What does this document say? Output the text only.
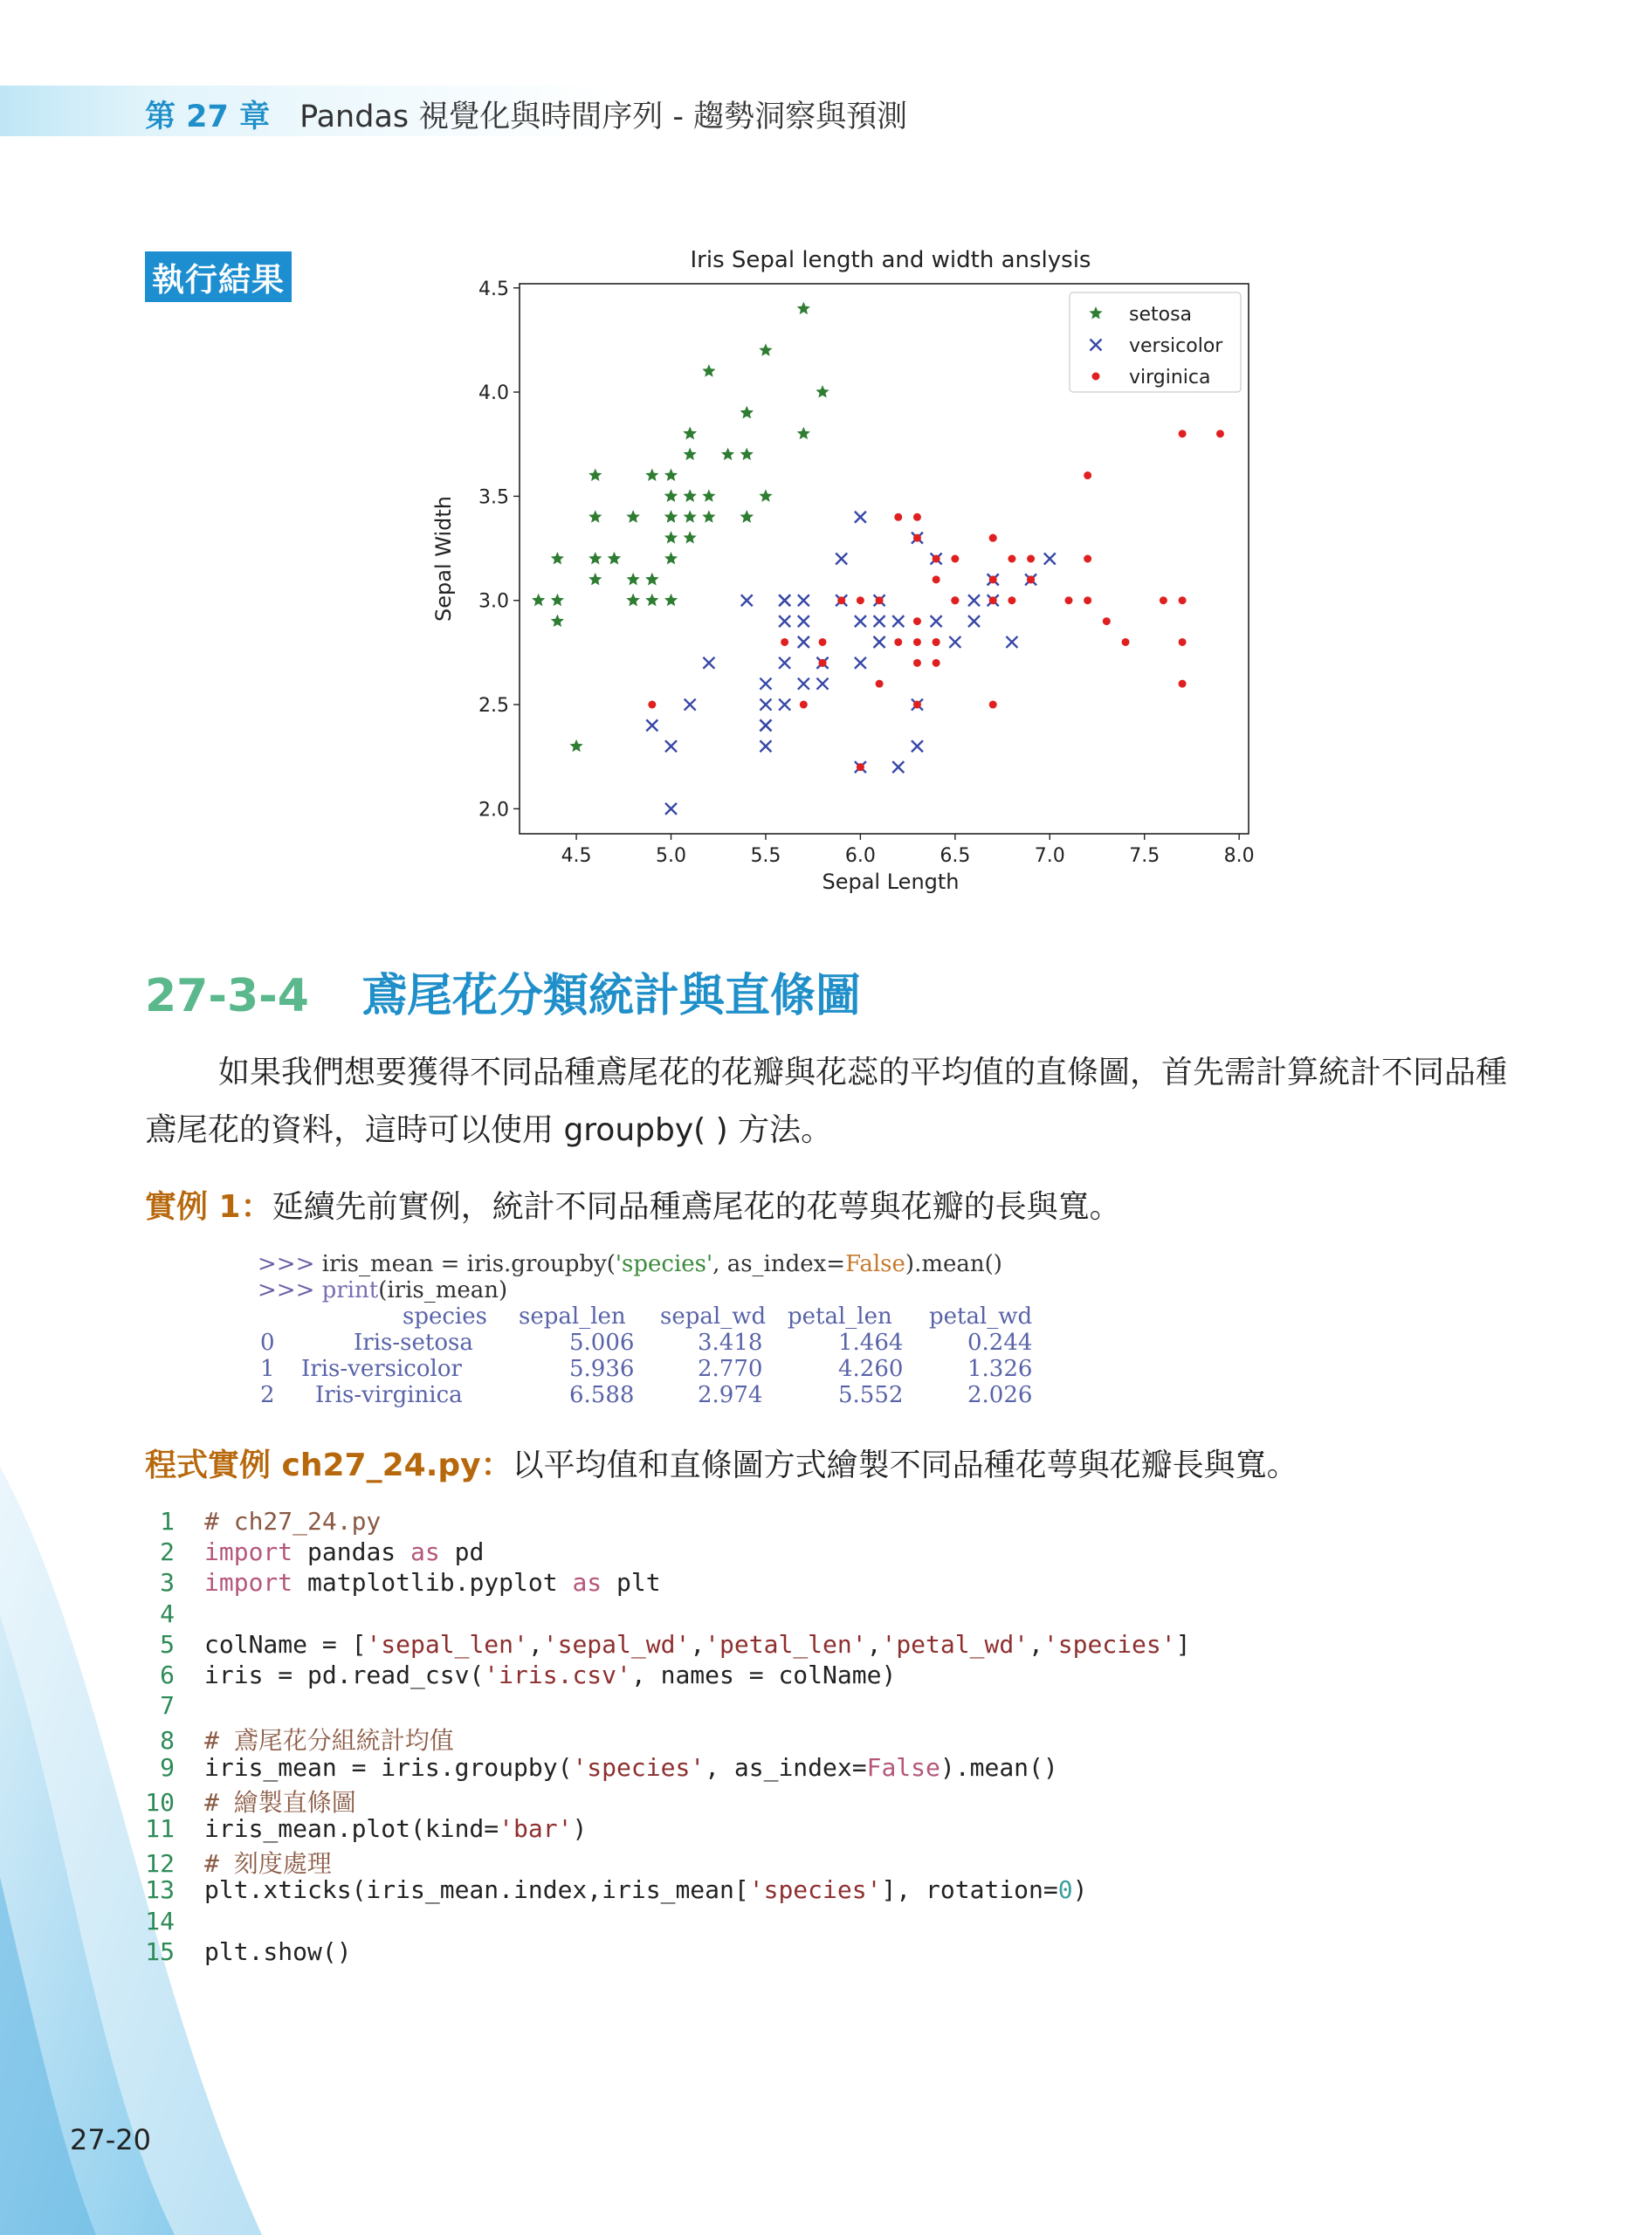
第 27 章 Pandas 視覺化與時間序列 - 趨勢洞察與預測
執行結果
Iris Sepal length and width anslysis
4.5	5.0	5.5	6.0	6.5	7.0	7.5	8.0
2.0
2.5
3.0
3.5
4.0
4.5
setosa
versicolor
virginica
Sepal Length
Sepal Width
27-3-4 鳶尾花分類統計與直條圖
如果我們想要獲得不同品種鳶尾花的花瓣與花蕊的平均值的直條圖，首先需計算統計不同品種鳶尾花的資料，這時可以使用 groupby( ) 方法。
實例 1：延續先前實例，統計不同品種鳶尾花的花萼與花瓣的長與寬。
>>> iris_mean = iris.groupby('species', as_index=False).mean()
>>> print(iris_mean)
species sepal_len sepal_wd petal_len petal_wd
0	Iris-setosa	5.006	3.418	1.464	0.244
1 Iris-versicolor	5.936	2.770	4.260	1.326
2 Iris-virginica	6.588	2.974	5.552	2.026
程式實例 ch27_24.py：以平均值和直條圖方式繪製不同品種花萼與花瓣長與寬。
1 # ch27_24.py
2 import pandas as pd
3 import matplotlib.pyplot as plt
4
5 colName = ['sepal_len','sepal_wd','petal_len','petal_wd','species']
6 iris = pd.read_csv('iris.csv', names = colName)
7
8 # 鳶尾花分組統計均值
9 iris_mean = iris.groupby('species', as_index=False).mean()
10 # 繪製直條圖
11 iris_mean.plot(kind='bar')
12 # 刻度處理
13 plt.xticks(iris_mean.index,iris_mean['species'], rotation=0)
14
15 plt.show()
27-20
